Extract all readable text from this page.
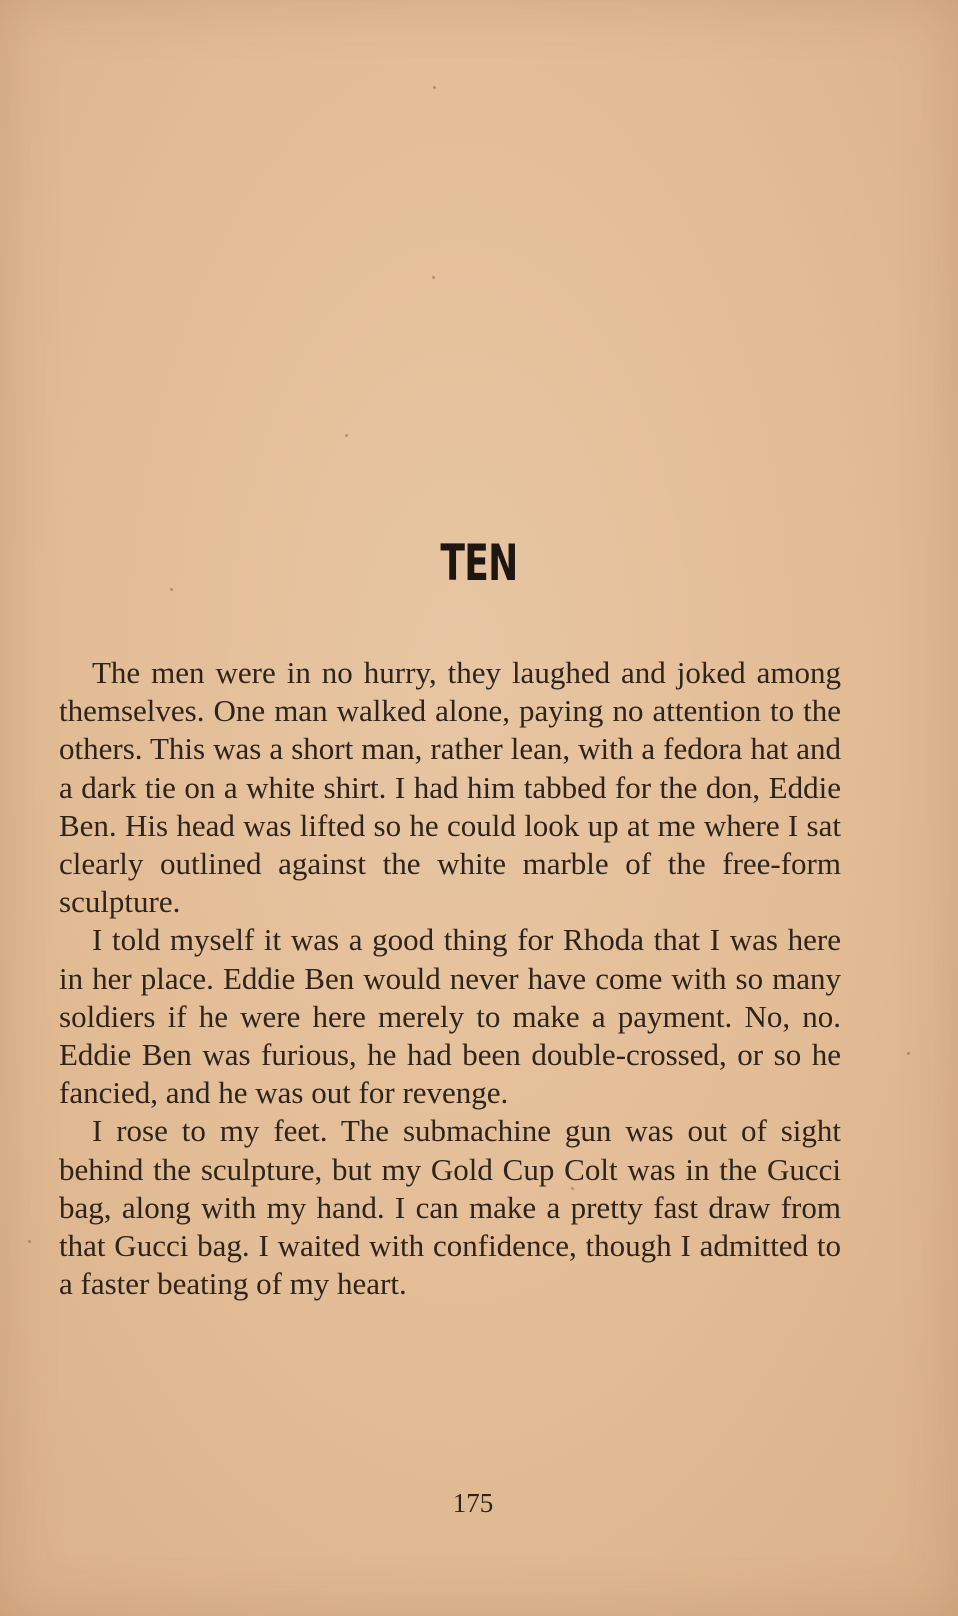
TEN

The men were in no hurry, they laughed and joked among themselves. One man walked alone, paying no attention to the others. This was a short man, rather lean, with a fedora hat and a dark tie on a white shirt. I had him tabbed for the don, Eddie Ben. His head was lifted so he could look up at me where I sat clearly outlined against the white marble of the free-form sculpture.

I told myself it was a good thing for Rhoda that I was here in her place. Eddie Ben would never have come with so many soldiers if he were here merely to make a payment. No, no. Eddie Ben was furious, he had been double-crossed, or so he fancied, and he was out for revenge.

I rose to my feet. The submachine gun was out of sight behind the sculpture, but my Gold Cup Colt was in the Gucci bag, along with my hand. I can make a pretty fast draw from that Gucci bag. I waited with confidence, though I admitted to a faster beating of my heart.

175
